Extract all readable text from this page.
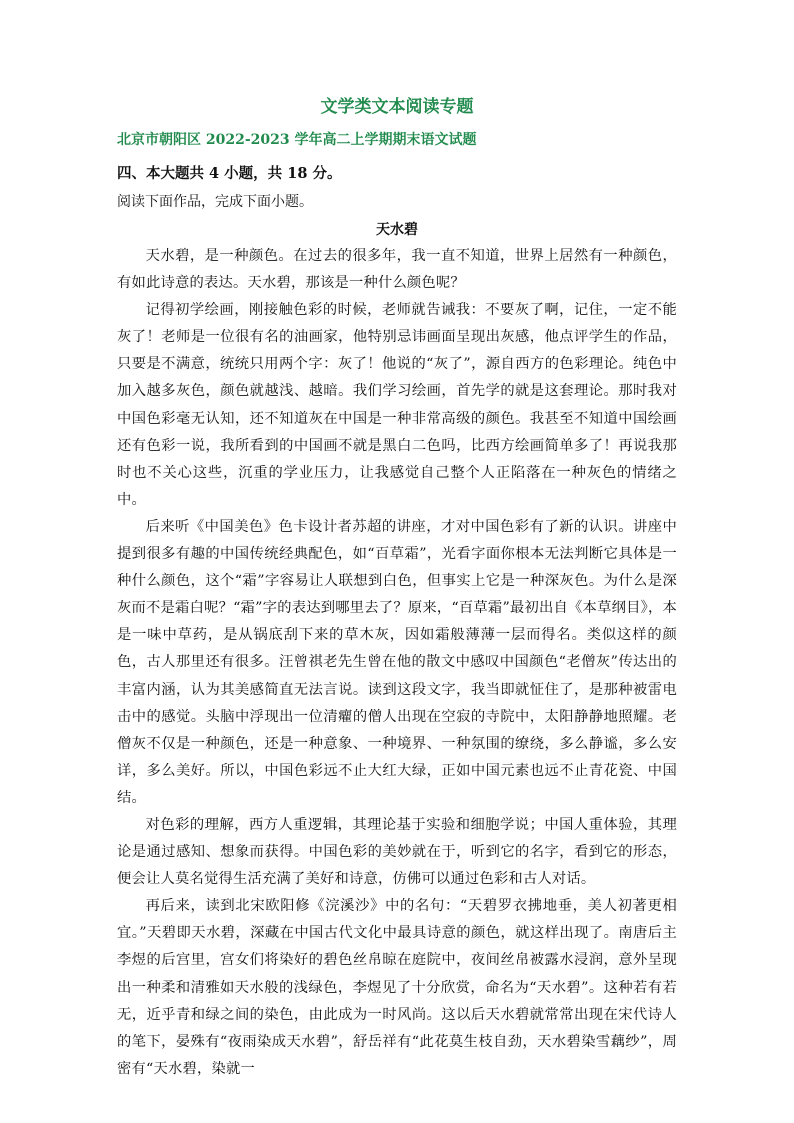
文学类文本阅读专题
北京市朝阳区 2022-2023 学年高二上学期期末语文试题
四、本大题共 4 小题，共 18 分。
阅读下面作品，完成下面小题。
天水碧

天水碧，是一种颜色。在过去的很多年，我一直不知道，世界上居然有一种颜色，有如此诗意的表达。天水碧，那该是一种什么颜色呢？

记得初学绘画，刚接触色彩的时候，老师就告诫我：不要灰了啊，记住，一定不能灰了！老师是一位很有名的油画家，他特别忌讳画面呈现出灰感，他点评学生的作品，只要是不满意，统统只用两个字：灰了！他说的“灰了”，源自西方的色彩理论。纯色中加入越多灰色，颜色就越浅、越暗。我们学习绘画，首先学的就是这套理论。那时我对中国色彩毫无认知，还不知道灰在中国是一种非常高级的颜色。我甚至不知道中国绘画还有色彩一说，我所看到的中国画不就是黑白二色吗，比西方绘画简单多了！再说我那时也不关心这些，沉重的学业压力，让我感觉自己整个人正陷落在一种灰色的情绪之中。

后来听《中国美色》色卡设计者苏超的讲座，才对中国色彩有了新的认识。讲座中提到很多有趣的中国传统经典配色，如“百草霜”，光看字面你根本无法判断它具体是一种什么颜色，这个“霜”字容易让人联想到白色，但事实上它是一种深灰色。为什么是深灰而不是霜白呢？“霜”字的表达到哪里去了？原来，“百草霜”最初出自《本草纲目》，本是一味中草药，是从锅底刮下来的草木灰，因如霜般薄薄一层而得名。类似这样的颜色，古人那里还有很多。汪曾祺老先生曾在他的散文中感叹中国颜色“老僧灰”传达出的丰富内涵，认为其美感简直无法言说。读到这段文字，我当即就怔住了，是那种被雷电击中的感觉。头脑中浮现出一位清癯的僧人出现在空寂的寺院中，太阳静静地照耀。老僧灰不仅是一种颜色，还是一种意象、一种境界、一种氛围的缭绕，多么静谧，多么安详，多么美好。所以，中国色彩远不止大红大绿，正如中国元素也远不止青花瓷、中国结。

对色彩的理解，西方人重逻辑，其理论基于实验和细胞学说；中国人重体验，其理论是通过感知、想象而获得。中国色彩的美妙就在于，听到它的名字，看到它的形态，便会让人莫名觉得生活充满了美好和诗意，仿佛可以通过色彩和古人对话。

再后来，读到北宋欧阳修《浣溪沙》中的名句：“天碧罗衣拂地垂，美人初著更相宜。”天碧即天水碧，深藏在中国古代文化中最具诗意的颜色，就这样出现了。南唐后主李煜的后宫里，宫女们将染好的碧色丝帛晾在庭院中，夜间丝帛被露水浸润，意外呈现出一种柔和清雅如天水般的浅绿色，李煜见了十分欣赏，命名为“天水碧”。这种若有若无，近乎青和绿之间的染色，由此成为一时风尚。这以后天水碧就常常出现在宋代诗人的笔下，晏殊有“夜雨染成天水碧”，舒岳祥有“此花莫生枝自劲，天水碧染雪藕纱”，周密有“天水碧，染就一
